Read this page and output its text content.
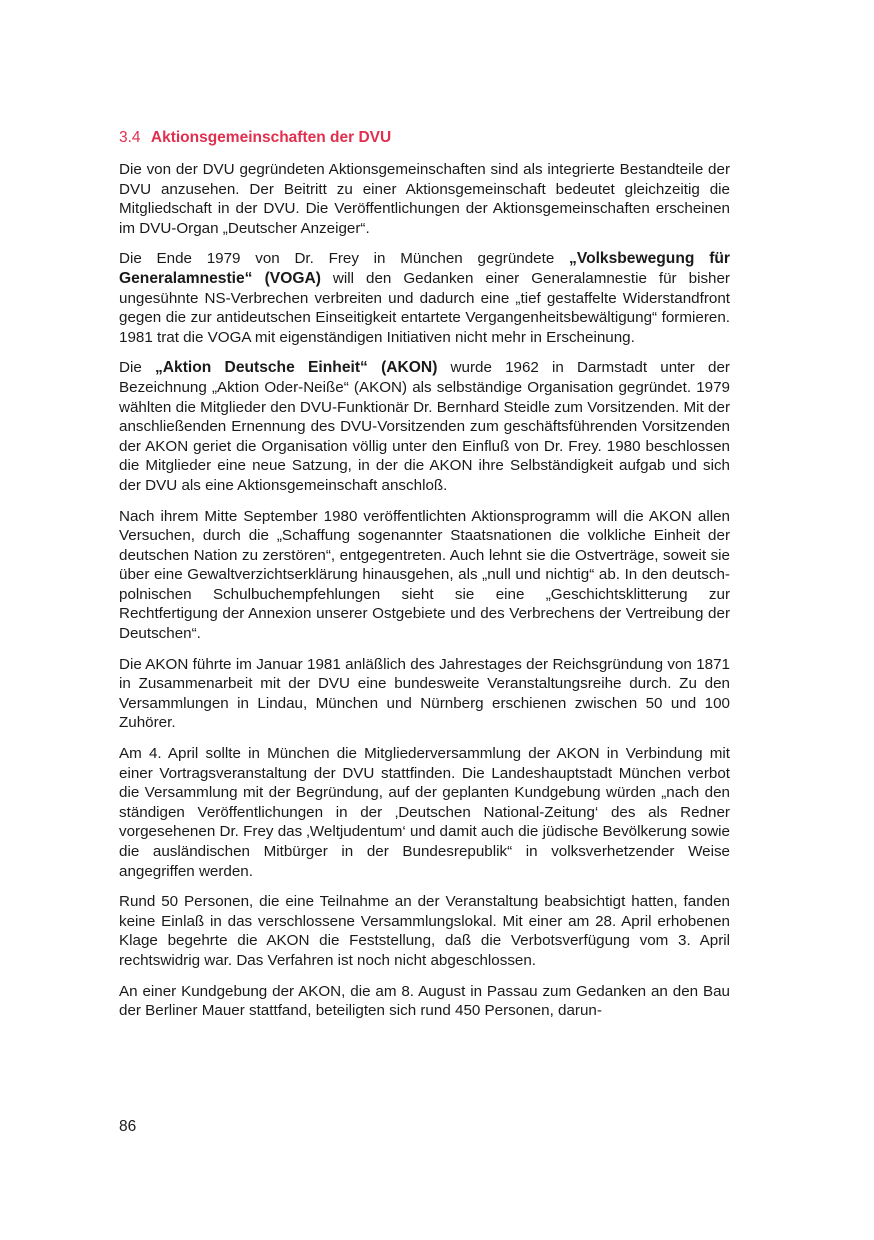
3.4 Aktionsgemeinschaften der DVU

Die von der DVU gegründeten Aktionsgemeinschaften sind als integrierte Bestandteile der DVU anzusehen. Der Beitritt zu einer Aktionsgemeinschaft bedeutet gleichzeitig die Mitgliedschaft in der DVU. Die Veröffentlichungen der Aktionsgemeinschaften erscheinen im DVU-Organ „Deutscher Anzeiger“.

Die Ende 1979 von Dr. Frey in München gegründete „Volksbewegung für Generalamnestie“ (VOGA) will den Gedanken einer Generalamnestie für bisher ungesühnte NS-Verbrechen verbreiten und dadurch eine „tief gestaffelte Widerstandfront gegen die zur antideutschen Einseitigkeit entartete Vergangenheitsbewältigung“ formieren. 1981 trat die VOGA mit eigenständigen Initiativen nicht mehr in Erscheinung.

Die „Aktion Deutsche Einheit“ (AKON) wurde 1962 in Darmstadt unter der Bezeichnung „Aktion Oder-Neiße“ (AKON) als selbständige Organisation gegründet. 1979 wählten die Mitglieder den DVU-Funktionär Dr. Bernhard Steidle zum Vorsitzenden. Mit der anschließenden Ernennung des DVU-Vorsitzenden zum geschäftsführenden Vorsitzenden der AKON geriet die Organisation völlig unter den Einfluß von Dr. Frey. 1980 beschlossen die Mitglieder eine neue Satzung, in der die AKON ihre Selbständigkeit aufgab und sich der DVU als eine Aktionsgemeinschaft anschloß.

Nach ihrem Mitte September 1980 veröffentlichten Aktionsprogramm will die AKON allen Versuchen, durch die „Schaffung sogenannter Staatsnationen die volkliche Einheit der deutschen Nation zu zerstören“, entgegentreten. Auch lehnt sie die Ostverträge, soweit sie über eine Gewaltverzichtserklärung hinausgehen, als „null und nichtig“ ab. In den deutsch-polnischen Schulbuchempfehlungen sieht sie eine „Geschichtsklitterung zur Rechtfertigung der Annexion unserer Ostgebiete und des Verbrechens der Vertreibung der Deutschen“.

Die AKON führte im Januar 1981 anläßlich des Jahrestages der Reichsgründung von 1871 in Zusammenarbeit mit der DVU eine bundesweite Veranstaltungsreihe durch. Zu den Versammlungen in Lindau, München und Nürnberg erschienen zwischen 50 und 100 Zuhörer.

Am 4. April sollte in München die Mitgliederversammlung der AKON in Verbindung mit einer Vortragsveranstaltung der DVU stattfinden. Die Landeshauptstadt München verbot die Versammlung mit der Begründung, auf der geplanten Kundgebung würden „nach den ständigen Veröffentlichungen in der ‚Deutschen National-Zeitung‘ des als Redner vorgesehenen Dr. Frey das ‚Weltjudentum‘ und damit auch die jüdische Bevölkerung sowie die ausländischen Mitbürger in der Bundesrepublik“ in volksverhetzender Weise angegriffen werden.

Rund 50 Personen, die eine Teilnahme an der Veranstaltung beabsichtigt hatten, fanden keine Einlaß in das verschlossene Versammlungslokal. Mit einer am 28. April erhobenen Klage begehrte die AKON die Feststellung, daß die Verbotsverfügung vom 3. April rechtswidrig war. Das Verfahren ist noch nicht abgeschlossen.

An einer Kundgebung der AKON, die am 8. August in Passau zum Gedanken an den Bau der Berliner Mauer stattfand, beteiligten sich rund 450 Personen, darun-

86
